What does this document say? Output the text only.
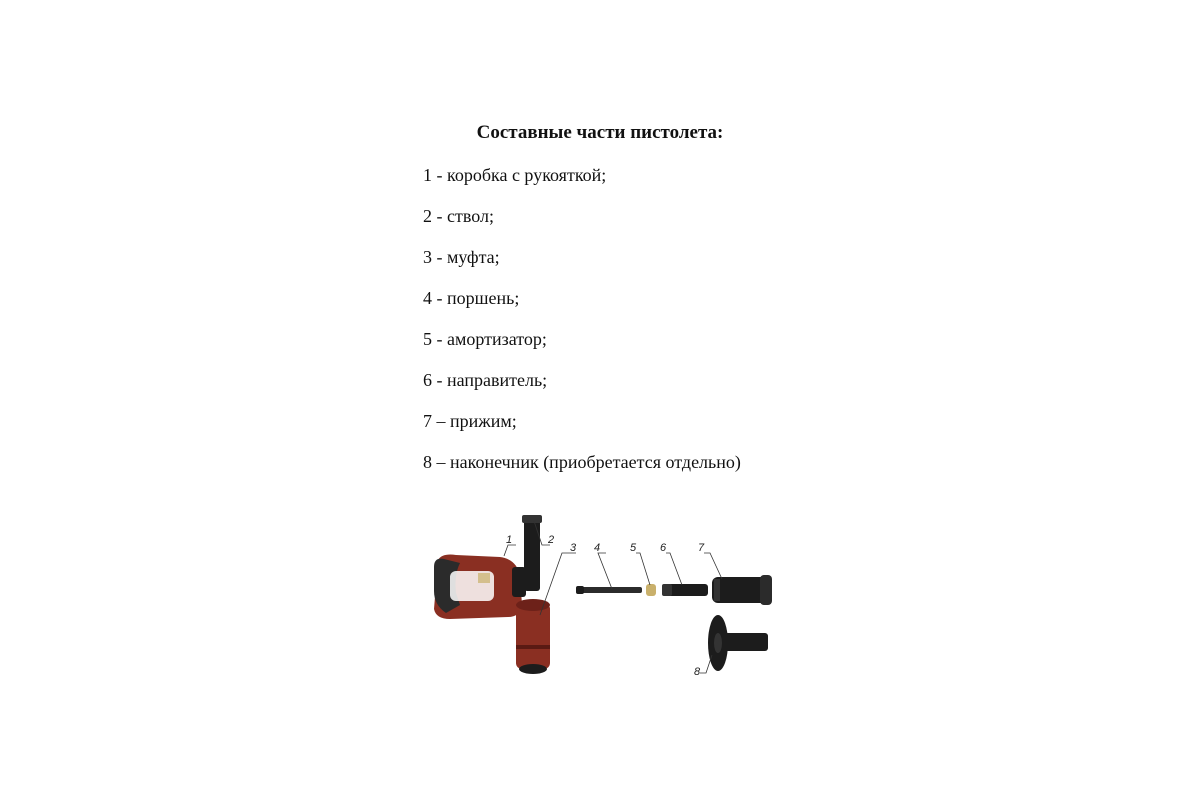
Составные части пистолета:
1 - коробка с рукояткой;
2 - ствол;
3 - муфта;
4 - поршень;
5 - амортизатор;
6 - направитель;
7 – прижим;
8 – наконечник (приобретается отдельно)
1	2
3 4	5 6	7
8
